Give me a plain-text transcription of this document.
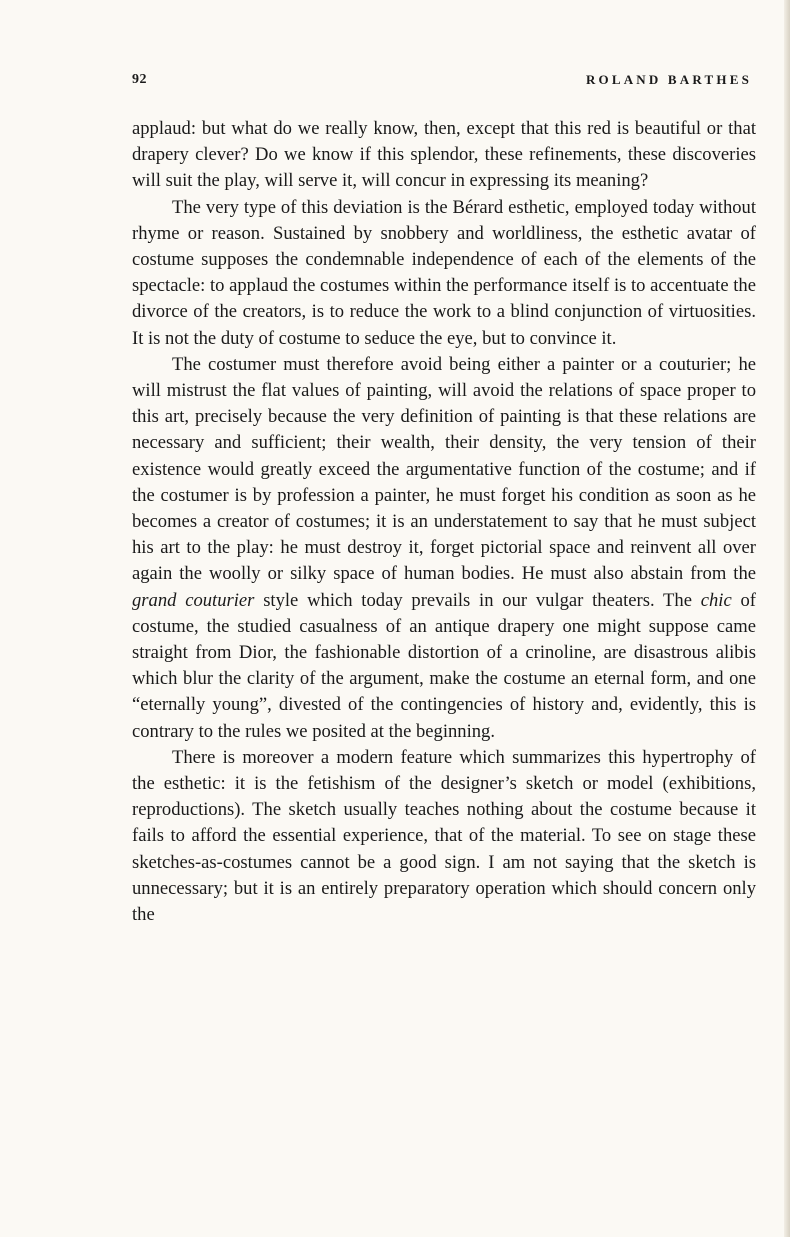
92	ROLAND BARTHES

applaud: but what do we really know, then, except that this red is beautiful or that drapery clever? Do we know if this splendor, these refinements, these discoveries will suit the play, will serve it, will concur in expressing its meaning?

The very type of this deviation is the Bérard esthetic, employed today without rhyme or reason. Sustained by snobbery and worldliness, the esthetic avatar of costume supposes the condemnable independence of each of the elements of the spectacle: to applaud the costumes within the performance itself is to accentuate the divorce of the creators, is to reduce the work to a blind conjunction of virtuosities. It is not the duty of costume to seduce the eye, but to convince it.

The costumer must therefore avoid being either a painter or a couturier; he will mistrust the flat values of painting, will avoid the relations of space proper to this art, precisely because the very definition of painting is that these relations are necessary and sufficient; their wealth, their density, the very tension of their existence would greatly exceed the argumentative function of the costume; and if the costumer is by profession a painter, he must forget his condition as soon as he becomes a creator of costumes; it is an understatement to say that he must subject his art to the play: he must destroy it, forget pictorial space and reinvent all over again the woolly or silky space of human bodies. He must also abstain from the grand couturier style which today prevails in our vulgar theaters. The chic of costume, the studied casualness of an antique drapery one might suppose came straight from Dior, the fashionable distortion of a crinoline, are disastrous alibis which blur the clarity of the argument, make the costume an eternal form, and one “eternally young”, divested of the contingencies of history and, evidently, this is contrary to the rules we posited at the beginning.

There is moreover a modern feature which summarizes this hypertrophy of the esthetic: it is the fetishism of the designer’s sketch or model (exhibitions, reproductions). The sketch usually teaches nothing about the costume because it fails to afford the essential experience, that of the material. To see on stage these sketches-as-costumes cannot be a good sign. I am not saying that the sketch is unnecessary; but it is an entirely preparatory operation which should concern only the
